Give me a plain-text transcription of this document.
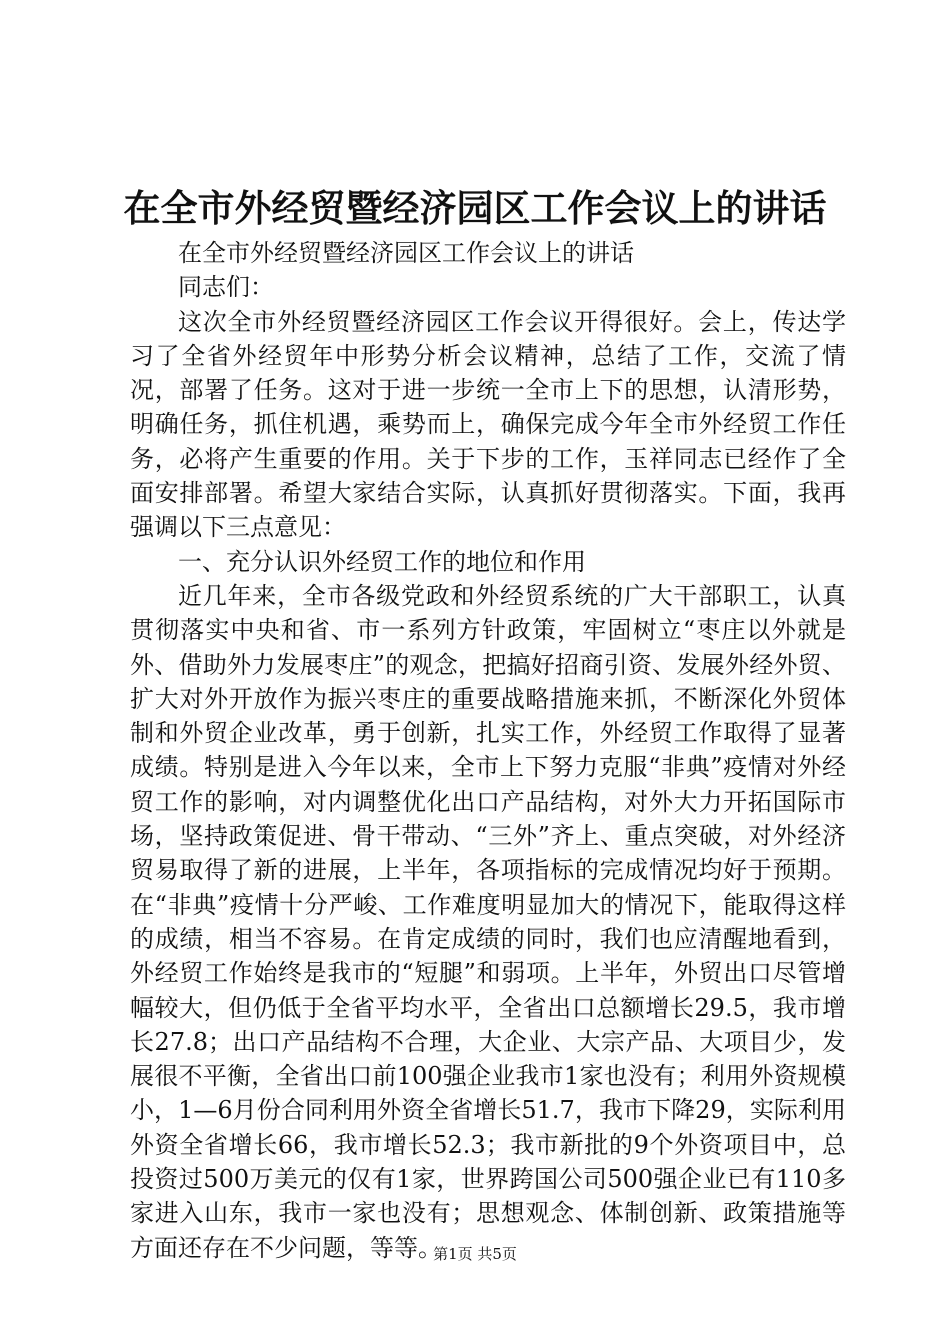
在全市外经贸暨经济园区工作会议上的讲话

在全市外经贸暨经济园区工作会议上的讲话

同志们：

这次全市外经贸暨经济园区工作会议开得很好。会上，传达学习了全省外经贸年中形势分析会议精神，总结了工作，交流了情况，部署了任务。这对于进一步统一全市上下的思想，认清形势，明确任务，抓住机遇，乘势而上，确保完成今年全市外经贸工作任务，必将产生重要的作用。关于下步的工作，玉祥同志已经作了全面安排部署。希望大家结合实际，认真抓好贯彻落实。下面，我再强调以下三点意见：

一、充分认识外经贸工作的地位和作用

近几年来，全市各级党政和外经贸系统的广大干部职工，认真贯彻落实中央和省、市一系列方针政策，牢固树立“枣庄以外就是外、借助外力发展枣庄”的观念，把搞好招商引资、发展外经外贸、扩大对外开放作为振兴枣庄的重要战略措施来抓，不断深化外贸体制和外贸企业改革，勇于创新，扎实工作，外经贸工作取得了显著成绩。特别是进入今年以来，全市上下努力克服“非典”疫情对外经贸工作的影响，对内调整优化出口产品结构，对外大力开拓国际市场，坚持政策促进、骨干带动、“三外”齐上、重点突破，对外经济贸易取得了新的进展，上半年，各项指标的完成情况均好于预期。在“非典”疫情十分严峻、工作难度明显加大的情况下，能取得这样的成绩，相当不容易。在肯定成绩的同时，我们也应清醒地看到，外经贸工作始终是我市的“短腿”和弱项。上半年，外贸出口尽管增幅较大，但仍低于全省平均水平，全省出口总额增长29.5，我市增长27.8；出口产品结构不合理，大企业、大宗产品、大项目少，发展很不平衡，全省出口前100强企业我市1家也没有；利用外资规模小，1—6月份合同利用外资全省增长51.7，我市下降29，实际利用外资全省增长66，我市增长52.3；我市新批的9个外资项目中，总投资过500万美元的仅有1家，世界跨国公司500强企业已有110多家进入山东，我市一家也没有；思想观念、体制创新、政策措施等方面还存在不少问题，等等。

第1页 共5页
